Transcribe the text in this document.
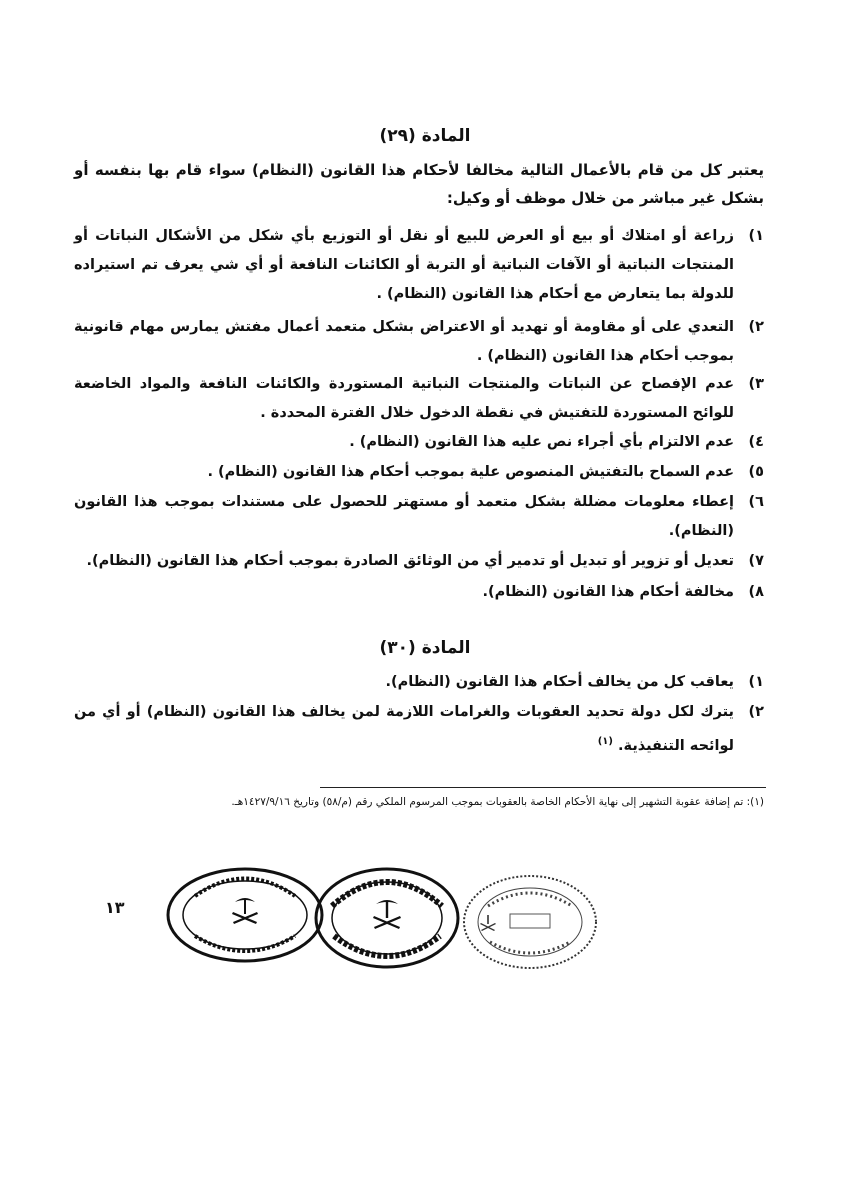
المادة (٢٩)
يعتبر كل من قام بالأعمال التالية مخالفا لأحكام هذا القانون (النظام) سواء قام بها بنفسه أو بشكل غير مباشر من خلال موظف أو وكيل:
١)
زراعة أو امتلاك أو بيع أو العرض للبيع أو نقل أو التوزيع بأي شكل من الأشكال النباتات أو المنتجات النباتية أو الآفات النباتية أو التربة أو الكائنات النافعة أو أي شي يعرف تم استيراده للدولة بما يتعارض مع أحكام هذا القانون (النظام) .
٢)
التعدي على أو مقاومة أو تهديد أو الاعتراض بشكل متعمد أعمال مفتش يمارس مهام قانونية بموجب أحكام هذا القانون (النظام) .
٣)
عدم الإفصاح عن النباتات والمنتجات النباتية المستوردة والكائنات النافعة والمواد الخاضعة للوائح المستوردة للتفتيش في نقطة الدخول خلال الفترة المحددة .
٤)
عدم الالتزام بأي أجراء نص عليه هذا القانون (النظام) .
٥)
عدم السماح بالتفتيش المنصوص علية بموجب أحكام هذا القانون (النظام) .
٦)
إعطاء معلومات مضللة بشكل متعمد أو مستهتر للحصول على مستندات بموجب هذا القانون (النظام).
٧)
تعديل أو تزوير أو تبديل أو تدمير أي من الوثائق الصادرة بموجب أحكام هذا القانون (النظام).
٨)
مخالفة أحكام هذا القانون (النظام).
المادة (٣٠)
١)
يعاقب كل من يخالف أحكام هذا القانون (النظام).
٢)
يترك لكل دولة تحديد العقوبات والغرامات اللازمة لمن يخالف هذا القانون (النظام) أو أي من لوائحه التنفيذية. $^{(١)}$
(١): تم إضافة عقوبة التشهير إلى نهاية الأحكام الخاصة بالعقوبات بموجب المرسوم الملكي رقم (م/٥٨) وتاريخ ١٤٢٧/٩/١٦هـ.
١٣
